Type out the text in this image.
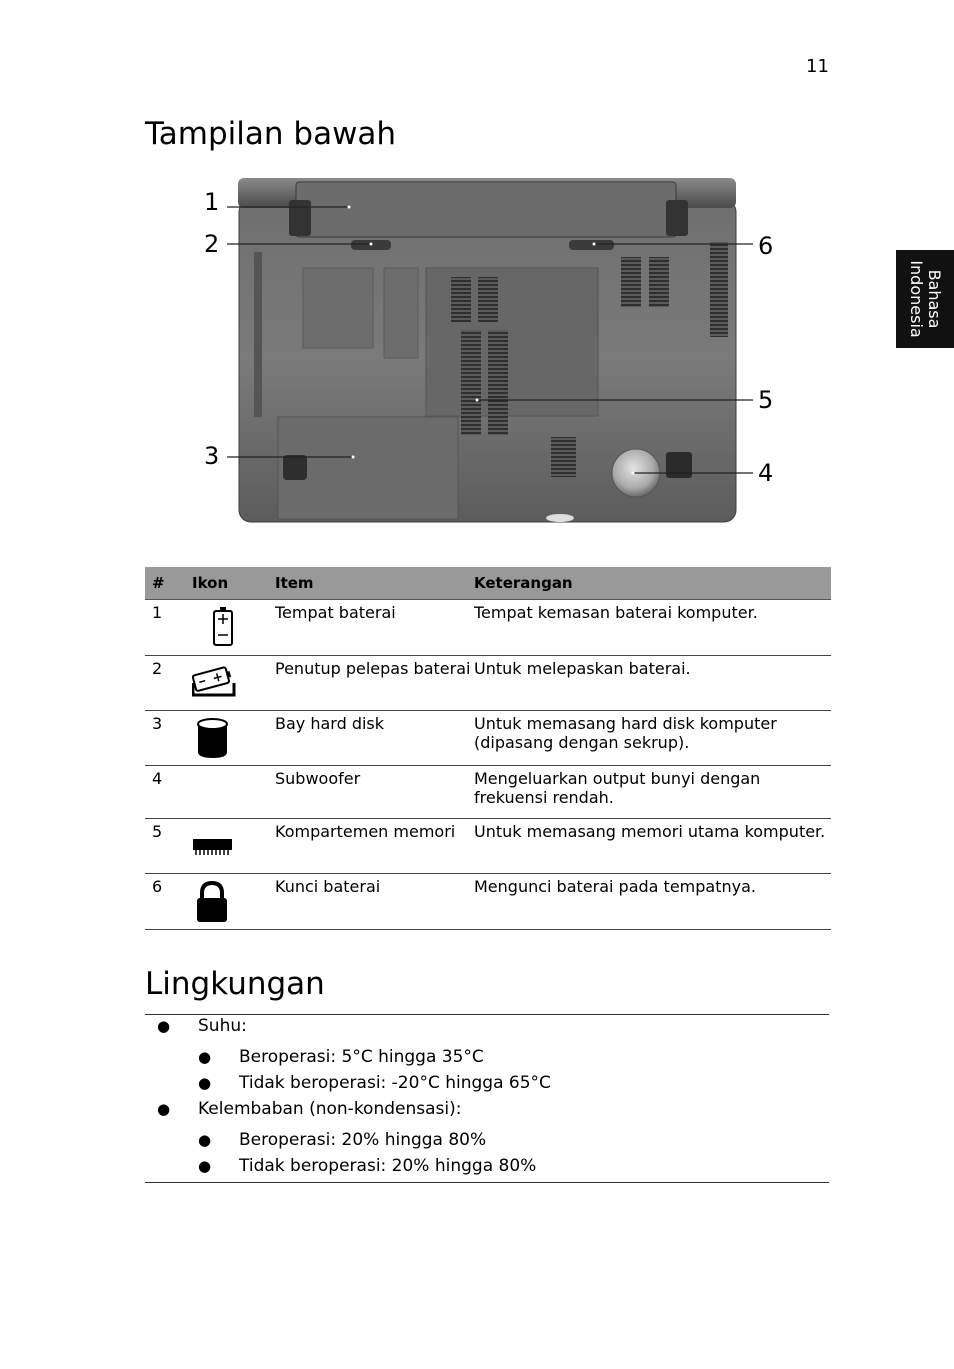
11
Bahasa
Indonesia
Tampilan bawah
1
2
3
4
5
6
#	Ikon	Item	Keterangan
1		Tempat baterai	Tempat kemasan baterai komputer.
2		Penutup pelepas baterai	Untuk melepaskan baterai.
3		Bay hard disk	Untuk memasang hard disk komputer (dipasang dengan sekrup).
4		Subwoofer	Mengeluarkan output bunyi dengan frekuensi rendah.
5		Kompartemen memori	Untuk memasang memori utama komputer.
6		Kunci baterai	Mengunci baterai pada tempatnya.
Lingkungan
● Suhu:
● Beroperasi: 5°C hingga 35°C
● Tidak beroperasi: -20°C hingga 65°C
● Kelembaban (non-kondensasi):
● Beroperasi: 20% hingga 80%
● Tidak beroperasi: 20% hingga 80%
